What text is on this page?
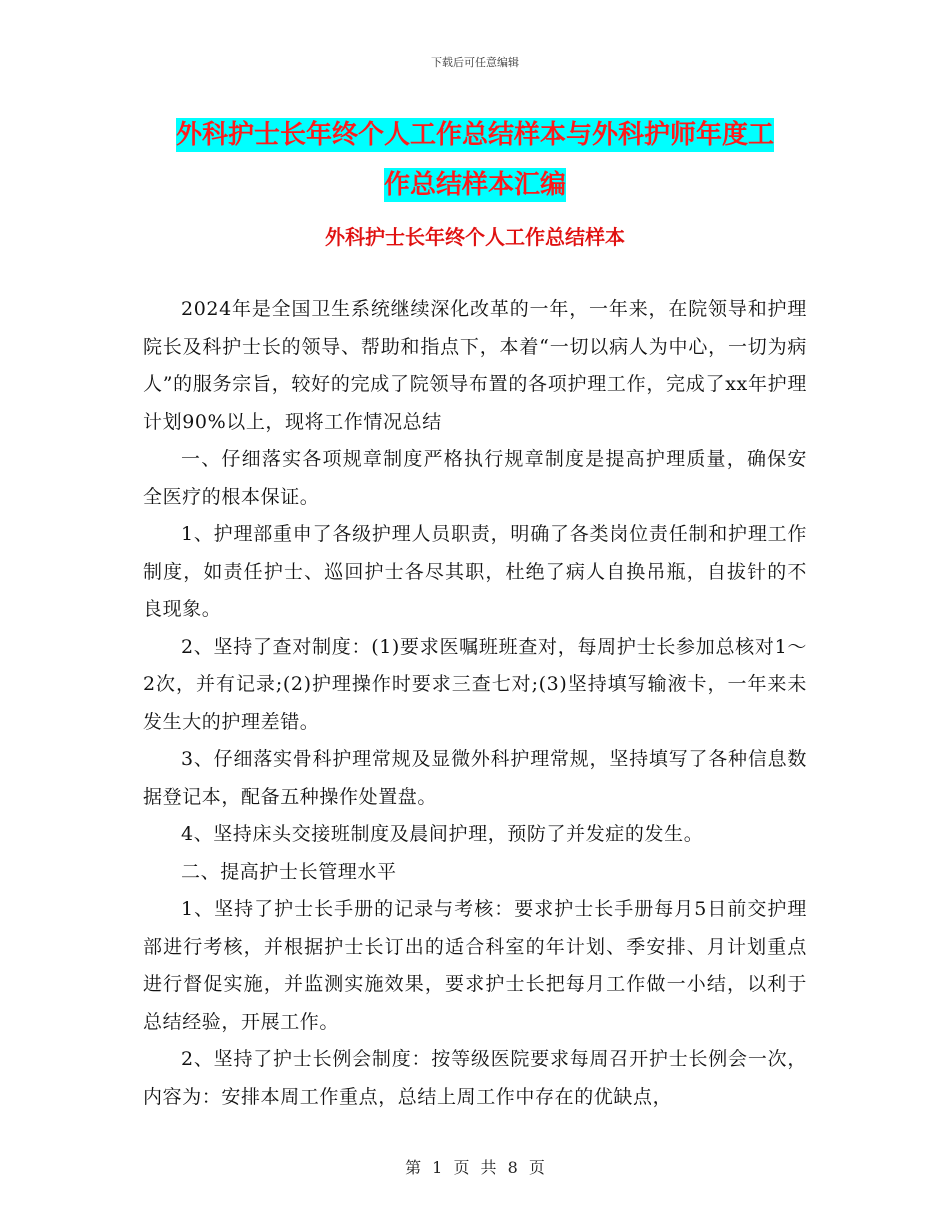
下载后可任意编辑
外科护士长年终个人工作总结样本与外科护师年度工
作总结样本汇编
外科护士长年终个人工作总结样本

2024年是全国卫生系统继续深化改革的一年，一年来，在院领导和护理院长及科护士长的领导、帮助和指点下，本着“一切以病人为中心，一切为病人”的服务宗旨，较好的完成了院领导布置的各项护理工作，完成了xx年护理计划90%以上，现将工作情况总结

一、仔细落实各项规章制度严格执行规章制度是提高护理质量，确保安全医疗的根本保证。

1、护理部重申了各级护理人员职责，明确了各类岗位责任制和护理工作制度，如责任护士、巡回护士各尽其职，杜绝了病人自换吊瓶，自拔针的不良现象。

2、坚持了查对制度：(1)要求医嘱班班查对，每周护士长参加总核对1～2次，并有记录;(2)护理操作时要求三查七对;(3)坚持填写输液卡，一年来未发生大的护理差错。

3、仔细落实骨科护理常规及显微外科护理常规，坚持填写了各种信息数据登记本，配备五种操作处置盘。

4、坚持床头交接班制度及晨间护理，预防了并发症的发生。

二、提高护士长管理水平

1、坚持了护士长手册的记录与考核：要求护士长手册每月5日前交护理部进行考核，并根据护士长订出的适合科室的年计划、季安排、月计划重点进行督促实施，并监测实施效果，要求护士长把每月工作做一小结，以利于总结经验，开展工作。

2、坚持了护士长例会制度：按等级医院要求每周召开护士长例会一次，内容为：安排本周工作重点，总结上周工作中存在的优缺点，

第 1 页 共 8 页
